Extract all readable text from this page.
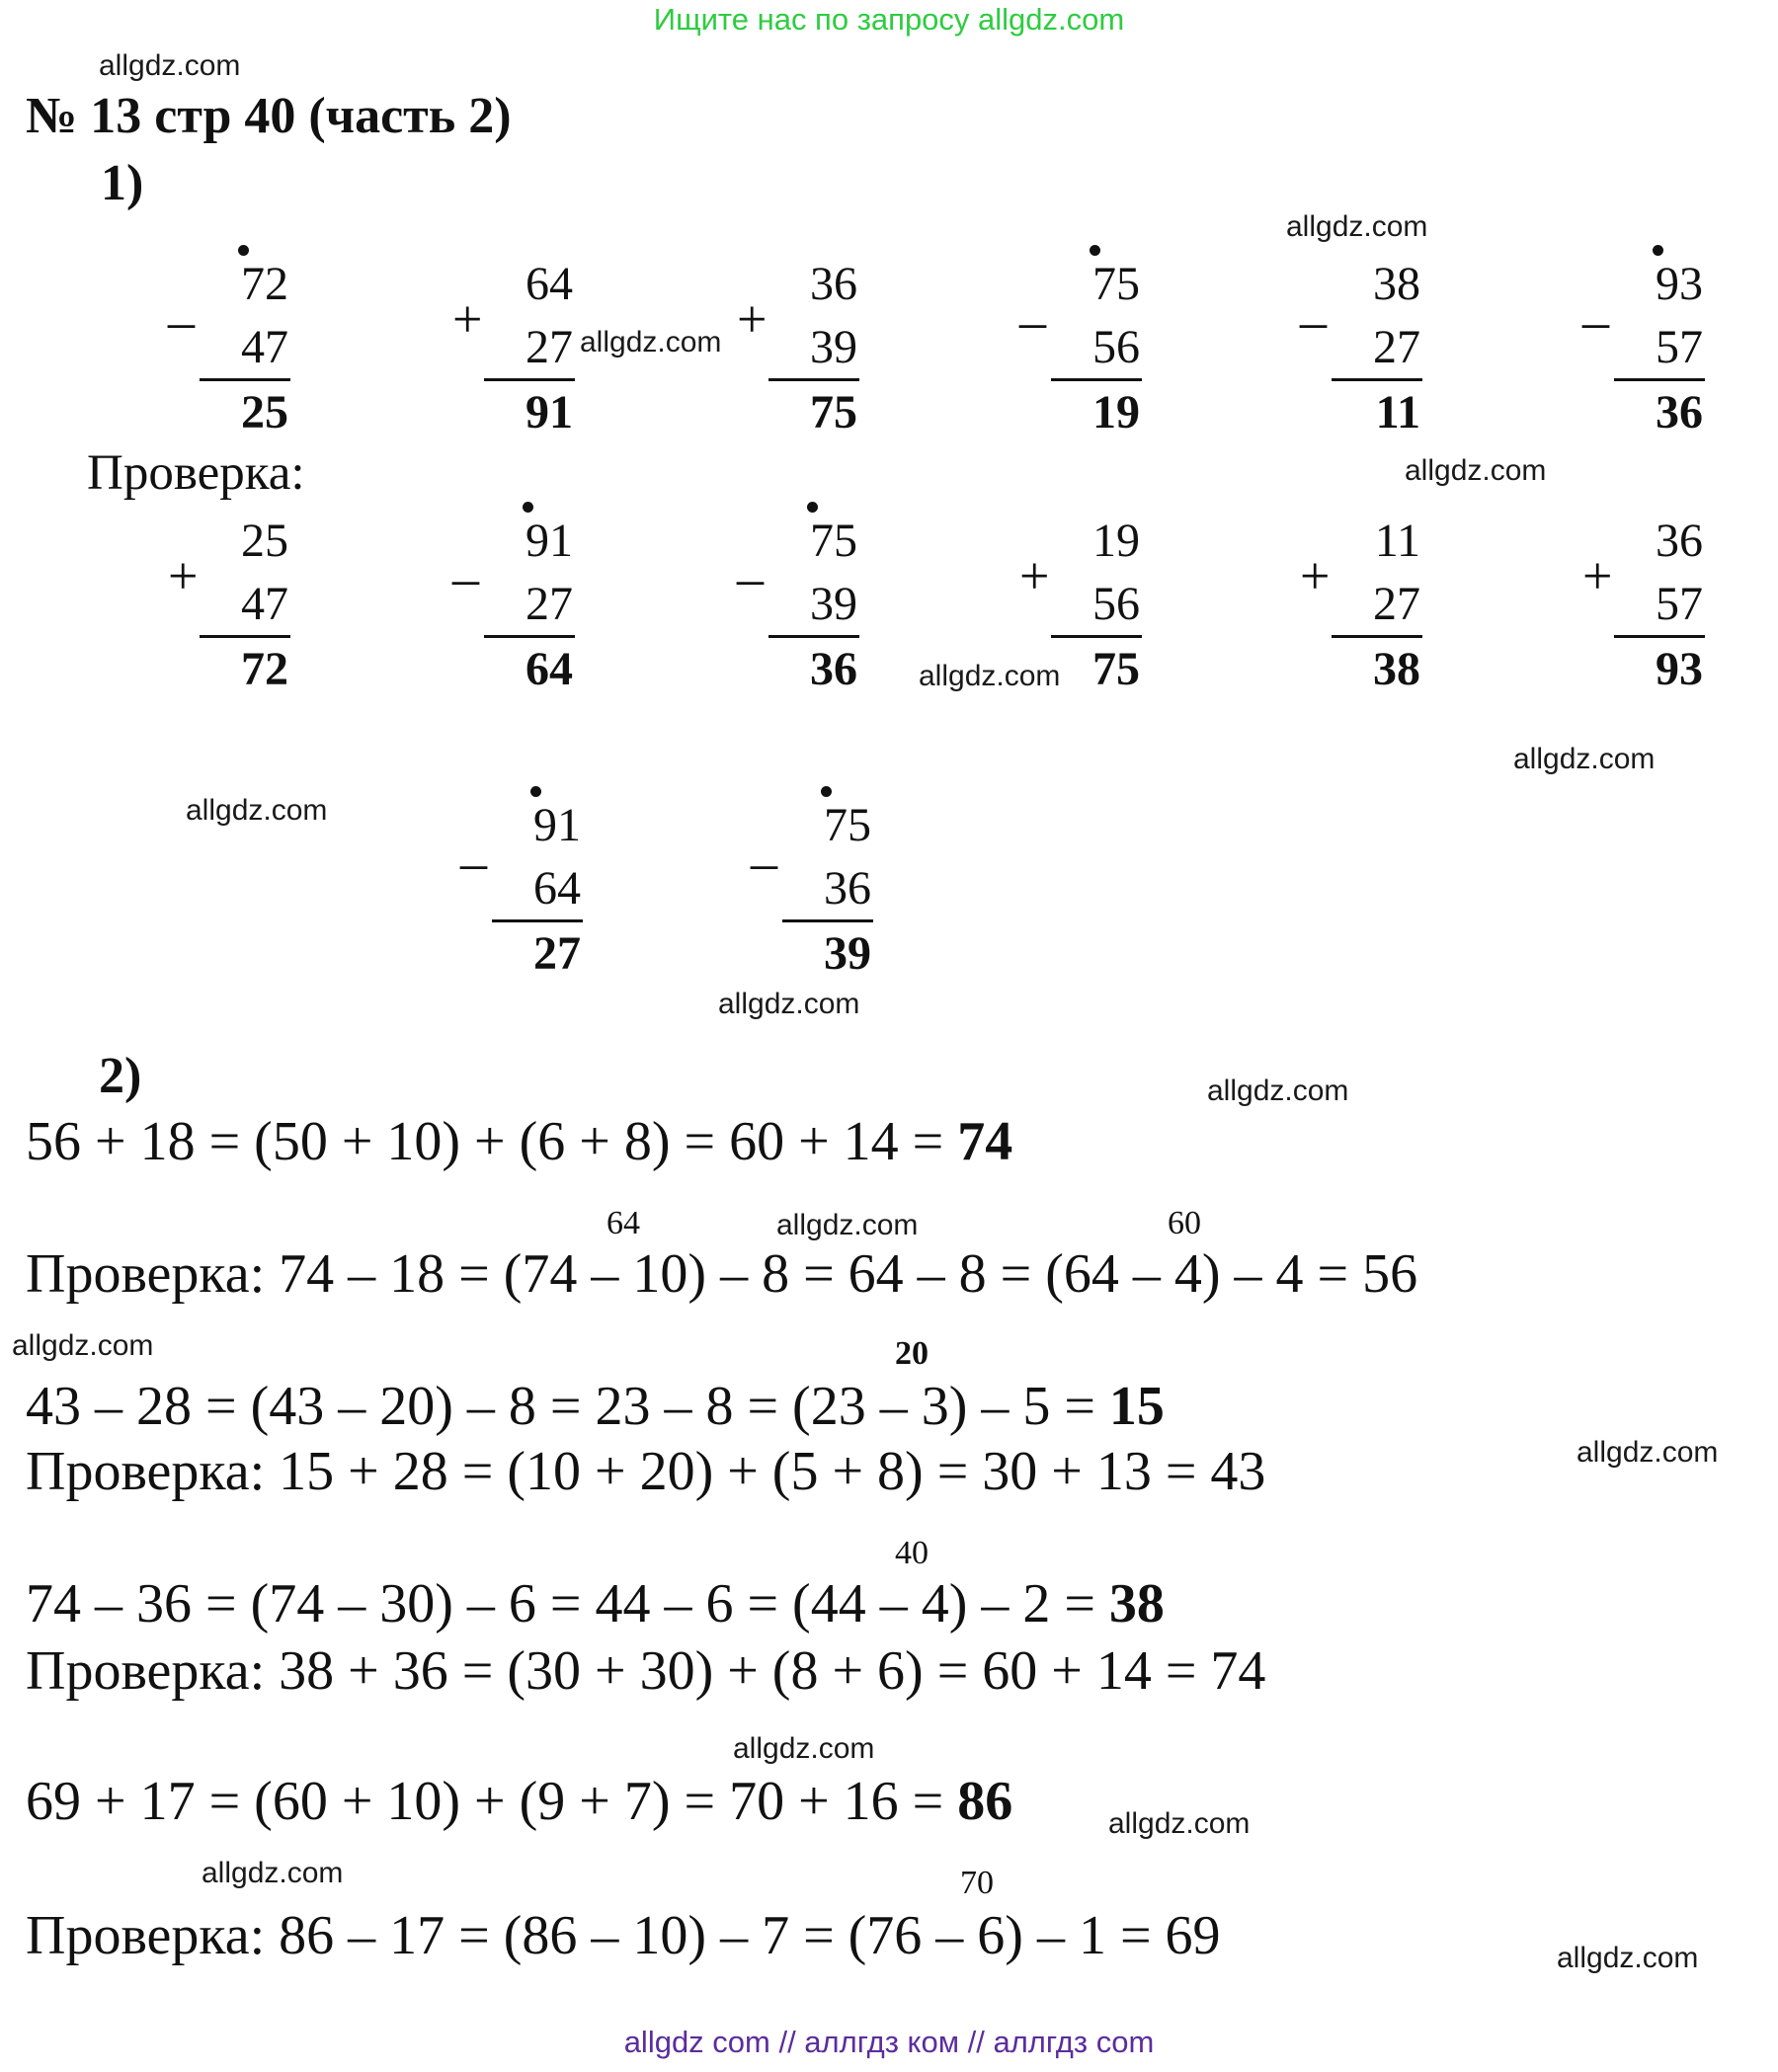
Ищите нас по запросу allgdz.com
allgdz.com
№ 13 стр 40 (часть 2)
1)
_ 72
47
25
+
64
27
91
+
36
39
75
_ 75
56
19
_ 38
27
11
_ 93
57
36
Проверка:
+
25
47
72
_ 91
27
64
_ 75
39
36
+
19
56
75
+
11
27
38
+
36
57
93
_ 91
64
27
_ 75
36
39
allgdz.com
allgdz.com
allgdz.com
allgdz.com
allgdz.com
allgdz.com
allgdz.com
2)	allgdz.com
56 + 18 = (50 + 10) + (6 + 8) = 60 + 14 = 74
64	allgdz.com	60
Проверка: 74 – 18 = (74 – 10) – 8 = 64 – 8 = (64 – 4) – 4 = 56
allgdz.com	20
43 – 28 = (43 – 20) – 8 = 23 – 8 = (23 – 3) – 5 = 15
allgdz.com
Проверка: 15 + 28 = (10 + 20) + (5 + 8) = 30 + 13 = 43
40
74 – 36 = (74 – 30) – 6 = 44 – 6 = (44 – 4) – 2 = 38
Проверка: 38 + 36 = (30 + 30) + (8 + 6) = 60 + 14 = 74
allgdz.com
69 + 17 = (60 + 10) + (9 + 7) = 70 + 16 = 86	allgdz.com
allgdz.com	70
Проверка: 86 – 17 = (86 – 10) – 7 = (76 – 6) – 1 = 69	allgdz.com
allgdz com // аллгдз ком // аллгдз com
